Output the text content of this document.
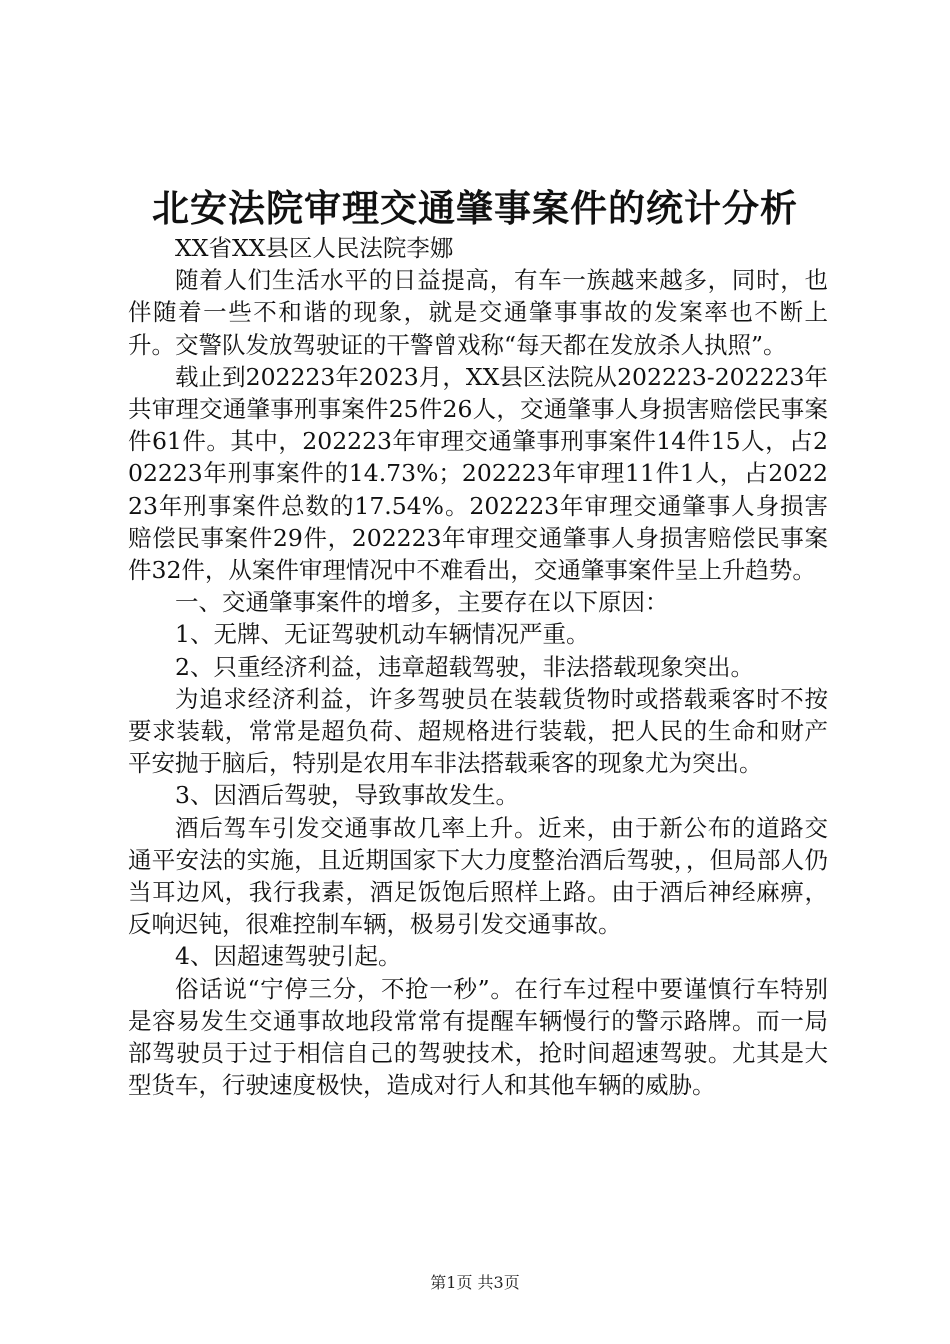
北安法院审理交通肇事案件的统计分析

XX省XX县区人民法院李娜

随着人们生活水平的日益提高，有车一族越来越多，同时，也伴随着一些不和谐的现象，就是交通肇事事故的发案率也不断上升。交警队发放驾驶证的干警曾戏称“每天都在发放杀人执照”。

载止到202223年2023月，XX县区法院从202223-202223年共审理交通肇事刑事案件25件26人，交通肇事人身损害赔偿民事案件61件。其中，202223年审理交通肇事刑事案件14件15人，占202223年刑事案件的14.73%；202223年审理11件1人，占202223年刑事案件总数的17.54%。202223年审理交通肇事人身损害赔偿民事案件29件，202223年审理交通肇事人身损害赔偿民事案件32件，从案件审理情况中不难看出，交通肇事案件呈上升趋势。

一、交通肇事案件的增多，主要存在以下原因：

1、无牌、无证驾驶机动车辆情况严重。

2、只重经济利益，违章超载驾驶，非法搭载现象突出。

为追求经济利益，许多驾驶员在装载货物时或搭载乘客时不按要求装载，常常是超负荷、超规格进行装载，把人民的生命和财产平安抛于脑后，特别是农用车非法搭载乘客的现象尤为突出。

3、因酒后驾驶，导致事故发生。

酒后驾车引发交通事故几率上升。近来，由于新公布的道路交通平安法的实施，且近期国家下大力度整治酒后驾驶，，但局部人仍当耳边风，我行我素，酒足饭饱后照样上路。由于酒后神经麻痹，反响迟钝，很难控制车辆，极易引发交通事故。

4、因超速驾驶引起。

俗话说“宁停三分，不抢一秒”。在行车过程中要谨慎行车特别是容易发生交通事故地段常常有提醒车辆慢行的警示路牌。而一局部驾驶员于过于相信自己的驾驶技术，抢时间超速驾驶。尤其是大型货车，行驶速度极快，造成对行人和其他车辆的威胁。

第1页 共3页
